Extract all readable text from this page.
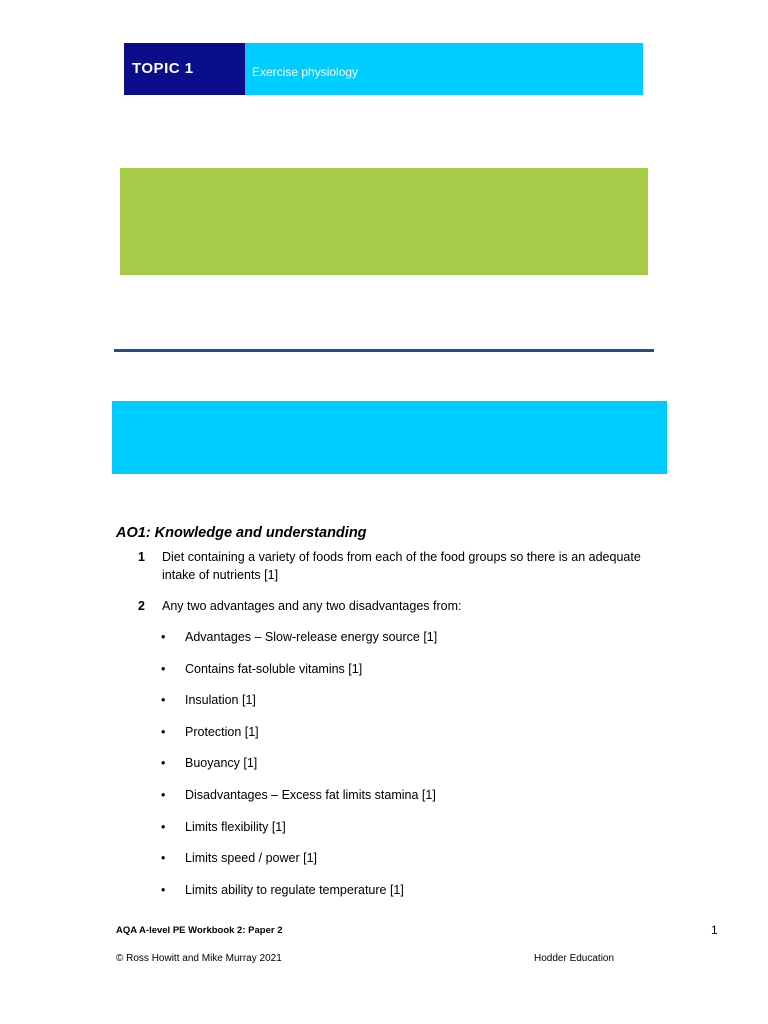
TOPIC 1	Exercise physiology
AO1: Knowledge and understanding
1	Diet containing a variety of foods from each of the food groups so there is an adequate intake of nutrients [1]
2	Any two advantages and any two disadvantages from:
•	Advantages – Slow-release energy source [1]
•	Contains fat-soluble vitamins [1]
•	Insulation [1]
•	Protection [1]
•	Buoyancy [1]
•	Disadvantages – Excess fat limits stamina [1]
•	Limits flexibility [1]
•	Limits speed / power [1]
•	Limits ability to regulate temperature [1]
AQA A-level PE Workbook 2: Paper 2	1
© Ross Howitt and Mike Murray 2021	Hodder Education
